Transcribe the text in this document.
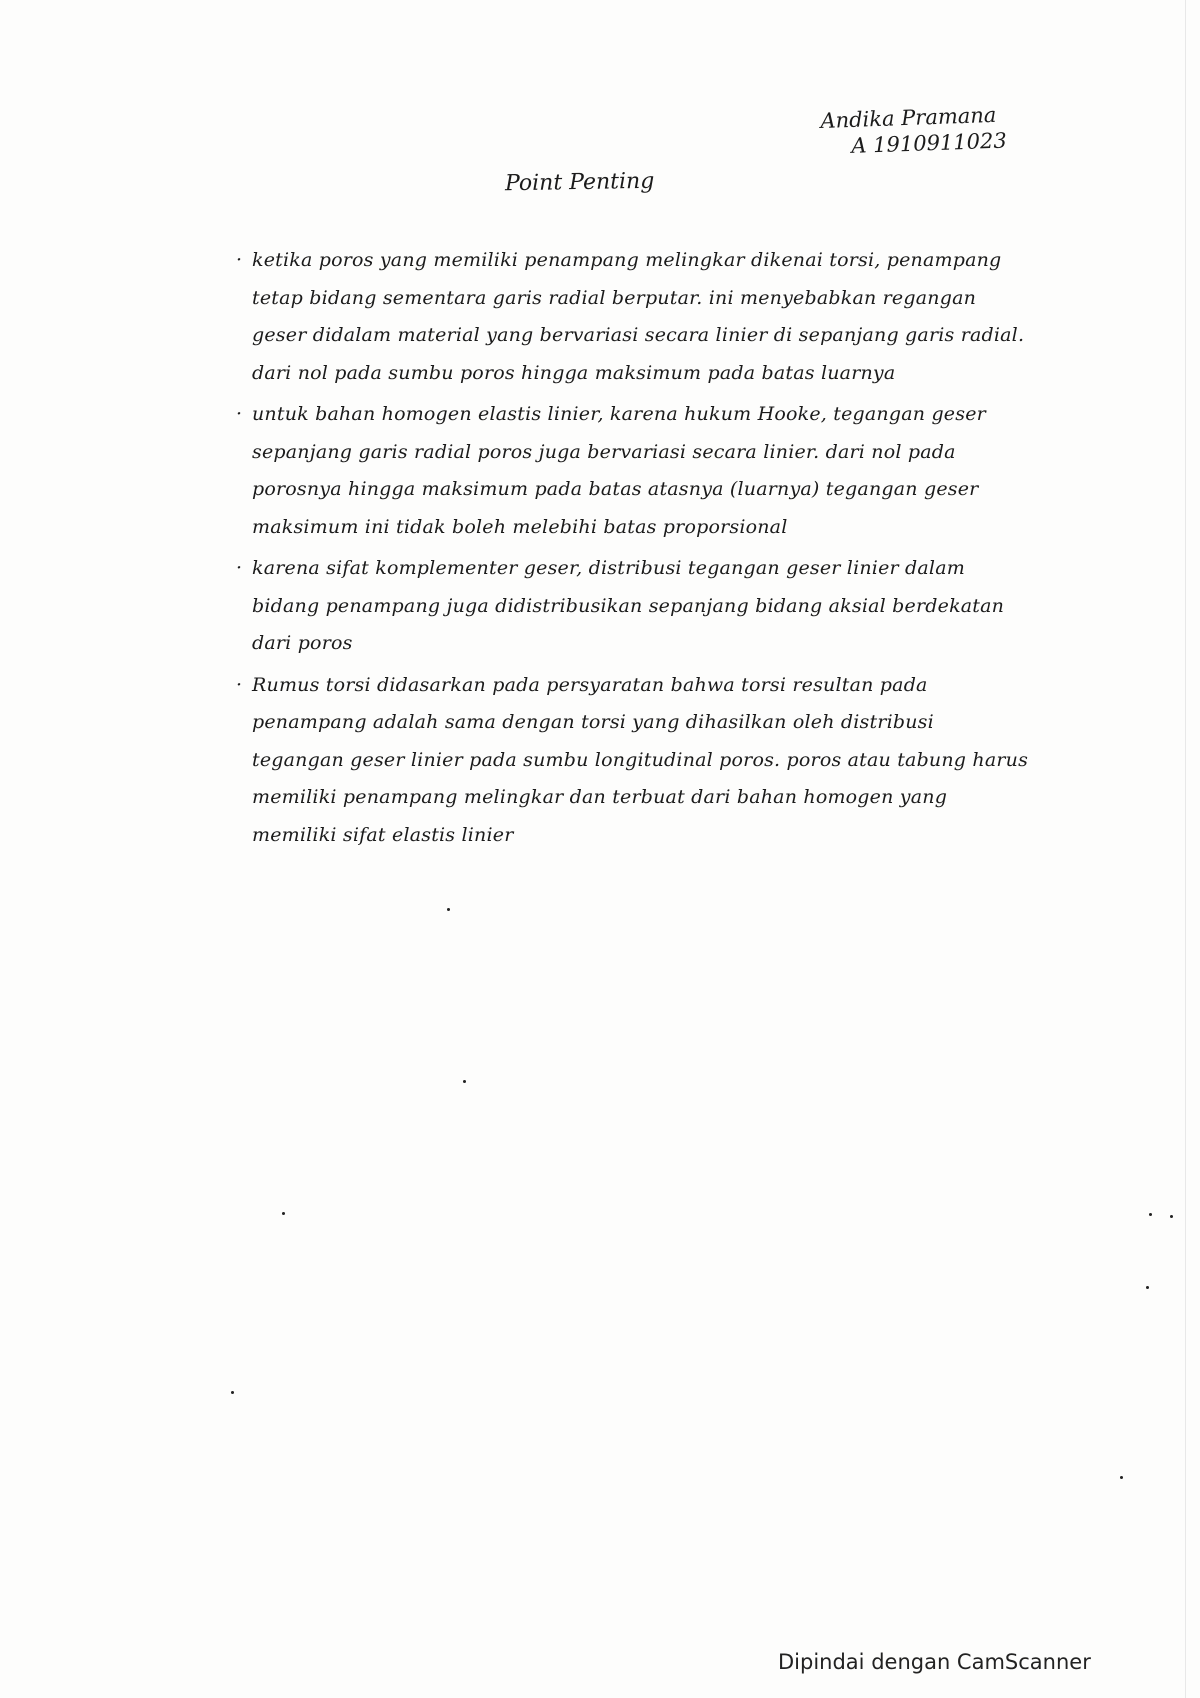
Andika Pramana
A 1910911023
Point Penting
· ketika poros yang memiliki penampang melingkar dikenai torsi, penampang tetap bidang sementara garis radial berputar. ini menyebabkan regangan geser didalam material yang bervariasi secara linier di sepanjang garis radial. dari nol pada sumbu poros hingga maksimum pada batas luarnya
· untuk bahan homogen elastis linier, karena hukum Hooke, tegangan geser sepanjang garis radial poros juga bervariasi secara linier. dari nol pada porosnya hingga maksimum pada batas atasnya (luarnya) tegangan geser maksimum ini tidak boleh melebihi batas proporsional
· karena sifat komplementer geser, distribusi tegangan geser linier dalam bidang penampang juga didistribusikan sepanjang bidang aksial berdekatan dari poros
· Rumus torsi didasarkan pada persyaratan bahwa torsi resultan pada penampang adalah sama dengan torsi yang dihasilkan oleh distribusi tegangan geser linier pada sumbu longitudinal poros. poros atau tabung harus memiliki penampang melingkar dan terbuat dari bahan homogen yang memiliki sifat elastis linier
Dipindai dengan CamScanner
